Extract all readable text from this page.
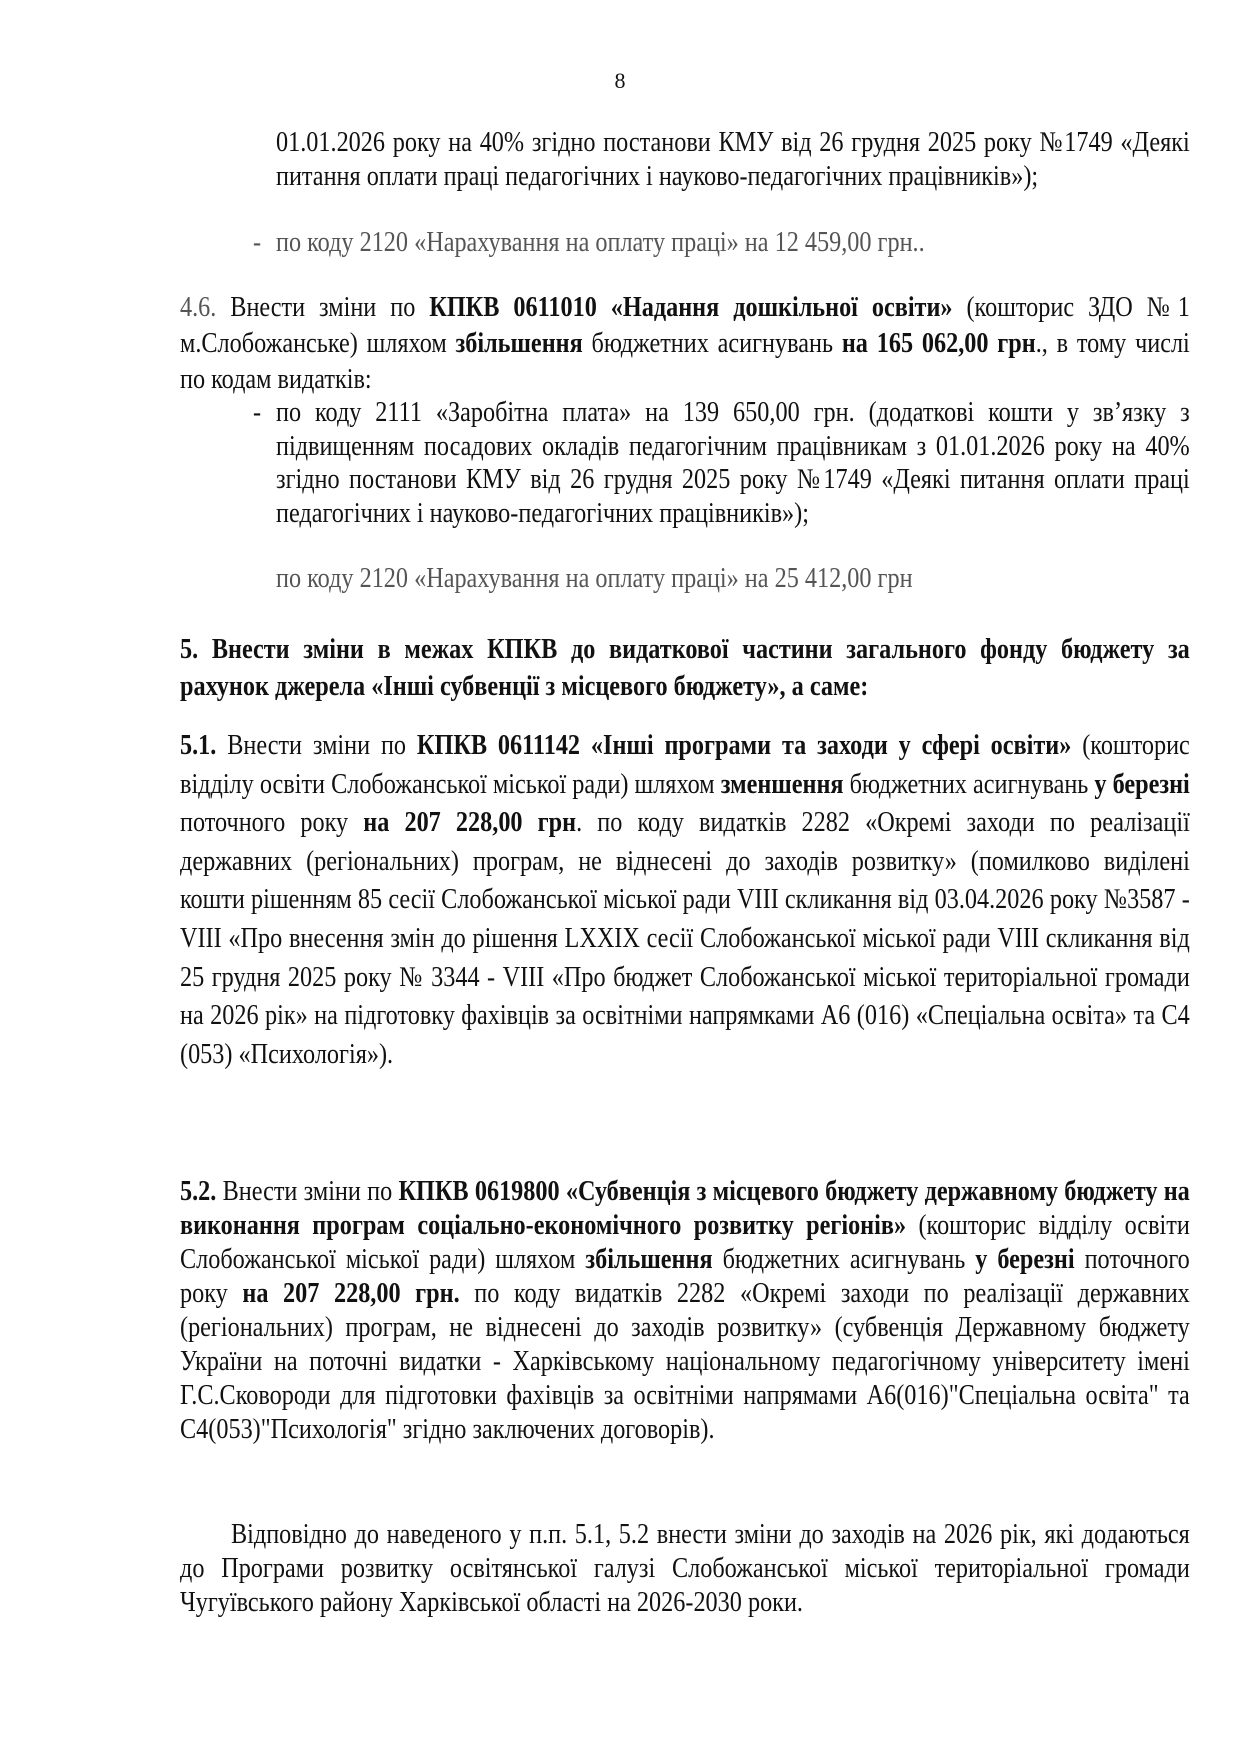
8
01.01.2026 року на 40% згідно постанови КМУ від 26 грудня 2025 року №1749 «Деякі питання оплати праці педагогічних і науково-педагогічних працівників»);
- по коду 2120 «Нарахування на оплату праці» на 12 459,00 грн..
4.6. Внести зміни по КПКВ 0611010 «Надання дошкільної освіти» (кошторис ЗДО №1 м.Слобожанське) шляхом збільшення бюджетних асигнувань на 165 062,00 грн., в тому числі по кодам видатків:
- по коду 2111 «Заробітна плата» на 139 650,00 грн. (додаткові кошти у зв’язку з підвищенням посадових окладів педагогічним працівникам з 01.01.2026 року на 40% згідно постанови КМУ від 26 грудня 2025 року №1749 «Деякі питання оплати праці педагогічних і науково-педагогічних працівників»);
по коду 2120 «Нарахування на оплату праці» на 25 412,00 грн
5. Внести зміни в межах КПКВ до видаткової частини загального фонду бюджету за рахунок джерела «Інші субвенції з місцевого бюджету», а саме:
5.1. Внести зміни по КПКВ 0611142 «Інші програми та заходи у сфері освіти» (кошторис відділу освіти Слобожанської міської ради) шляхом зменшення бюджетних асигнувань у березні поточного року на 207 228,00 грн. по коду видатків 2282 «Окремі заходи по реалізації державних (регіональних) програм, не віднесені до заходів розвитку» (помилково виділені кошти рішенням 85 сесії Слобожанської міської ради VIII скликання від 03.04.2026 року №3587 - VIII «Про внесення змін до рішення LXXIX сесії Слобожанської міської ради VIII скликання від 25 грудня 2025 року № 3344 - VIII «Про бюджет Слобожанської міської територіальної громади на 2026 рік» на підготовку фахівців за освітніми напрямками А6 (016) «Спеціальна освіта» та С4 (053) «Психологія»).
5.2. Внести зміни по КПКВ 0619800 «Субвенція з місцевого бюджету державному бюджету на виконання програм соціально-економічного розвитку регіонів» (кошторис відділу освіти Слобожанської міської ради) шляхом збільшення бюджетних асигнувань у березні поточного року на 207 228,00 грн. по коду видатків 2282 «Окремі заходи по реалізації державних (регіональних) програм, не віднесені до заходів розвитку» (субвенція Державному бюджету України на поточні видатки - Харківському національному педагогічному університету імені Г.С.Сковороди для підготовки фахівців за освітніми напрямами А6(016)"Спеціальна освіта" та С4(053)"Психологія" згідно заключених договорів).
Відповідно до наведеного у п.п. 5.1, 5.2 внести зміни до заходів на 2026 рік, які додаються до Програми розвитку освітянської галузі Слобожанської міської територіальної громади Чугуївського району Харківської області на 2026-2030 роки.
